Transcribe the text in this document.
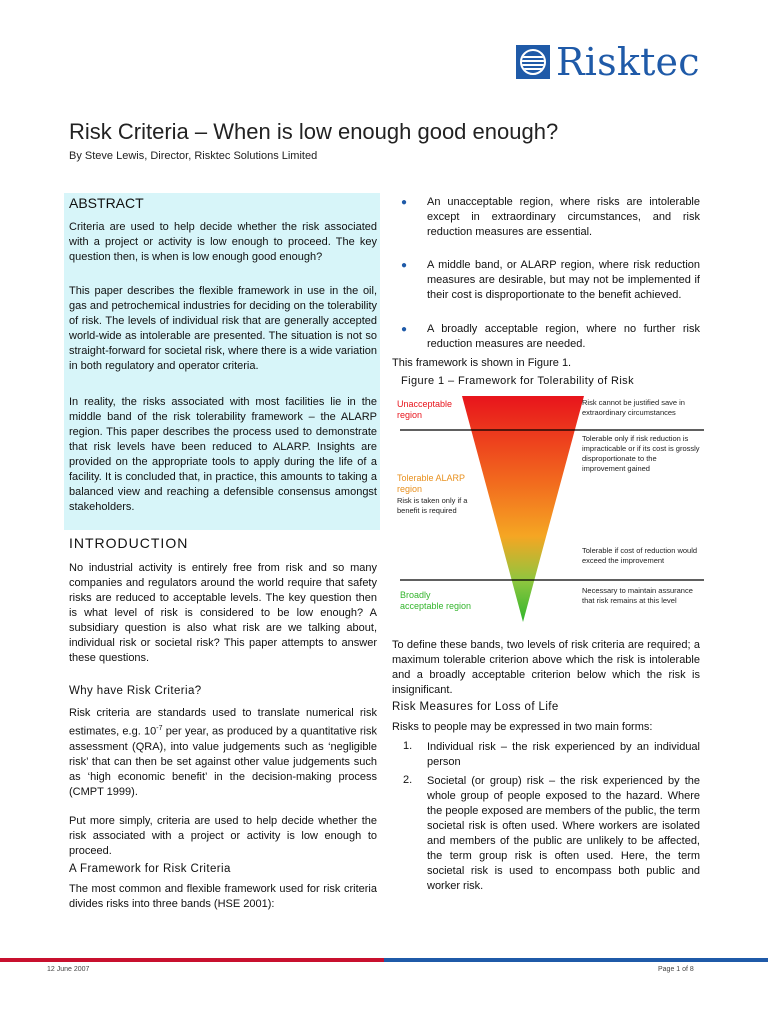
Risktec
Risk Criteria – When is low enough good enough?
By Steve Lewis, Director, Risktec Solutions Limited
ABSTRACT

Criteria are used to help decide whether the risk associated with a project or activity is low enough to proceed. The key question then, is when is low enough good enough?

This paper describes the flexible framework in use in the oil, gas and petrochemical industries for deciding on the tolerability of risk. The levels of individual risk that are generally accepted world-wide as intolerable are presented. The situation is not so straight-forward for societal risk, where there is a wide variation in both regulatory and operator criteria.

In reality, the risks associated with most facilities lie in the middle band of the risk tolerability framework – the ALARP region. This paper describes the process used to demonstrate that risk levels have been reduced to ALARP. Insights are provided on the appropriate tools to apply during the life of a facility. It is concluded that, in practice, this amounts to taking a balanced view and reaching a defensible consensus amongst stakeholders.

INTRODUCTION

No industrial activity is entirely free from risk and so many companies and regulators around the world require that safety risks are reduced to acceptable levels. The key question then is what level of risk is considered to be low enough? A subsidiary question is also what risk are we talking about, individual risk or societal risk? This paper attempts to answer these questions.

Why have Risk Criteria?

Risk criteria are standards used to translate numerical risk estimates, e.g. $10^{-7}$ per year, as produced by a quantitative risk assessment (QRA), into value judgements such as ‘negligible risk’ that can then be set against other value judgements such as ‘high economic benefit’ in the decision-making process (CMPT 1999).

Put more simply, criteria are used to help decide whether the risk associated with a project or activity is low enough to proceed.

A Framework for Risk Criteria

The most common and flexible framework used for risk criteria divides risks into three bands (HSE 2001):

● An unacceptable region, where risks are intolerable except in extraordinary circumstances, and risk reduction measures are essential.

● A middle band, or ALARP region, where risk reduction measures are desirable, but may not be implemented if their cost is disproportionate to the benefit achieved.

● A broadly acceptable region, where no further risk reduction measures are needed.

This framework is shown in Figure 1.
Figure 1 – Framework for Tolerability of Risk
Unacceptable region
Risk cannot be justified save in extraordinary circumstances
Tolerable ALARP region
Risk is taken only if a benefit is required
Tolerable only if risk reduction is impracticable or if its cost is grossly disproportionate to the improvement gained
Tolerable if cost of reduction would exceed the improvement
Broadly acceptable region
Necessary to maintain assurance that risk remains at this level

To define these bands, two levels of risk criteria are required; a maximum tolerable criterion above which the risk is intolerable and a broadly acceptable criterion below which the risk is insignificant.

Risk Measures for Loss of Life
Risks to people may be expressed in two main forms:
1. Individual risk – the risk experienced by an individual person

2. Societal (or group) risk – the risk experienced by the whole group of people exposed to the hazard. Where the people exposed are members of the public, the term societal risk is often used. Where workers are isolated and members of the public are unlikely to be affected, the term group risk is often used. Here, the term societal risk is used to encompass both public and worker risk.

12 June 2007	Page 1 of 8
